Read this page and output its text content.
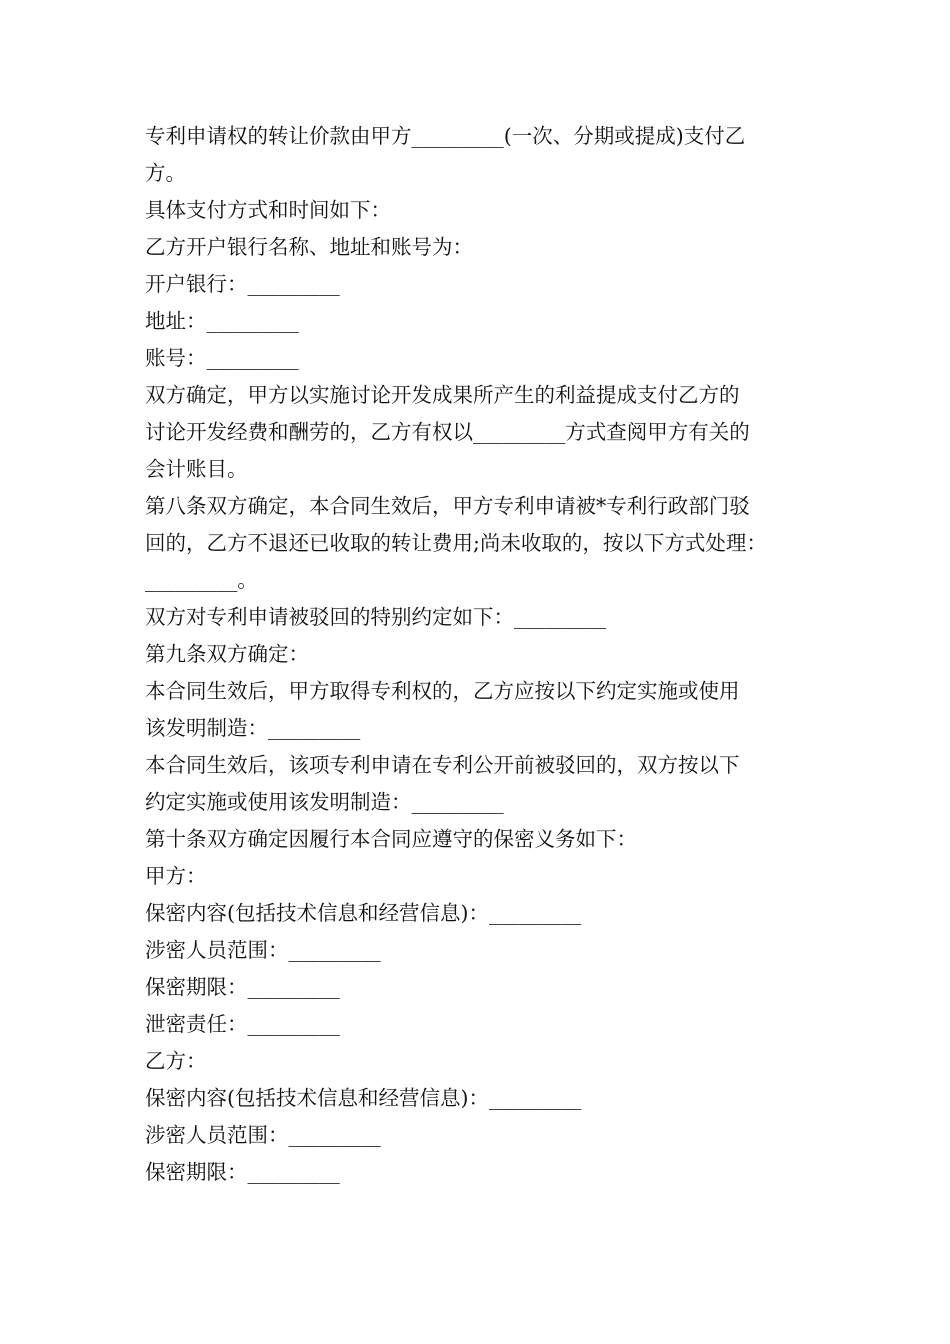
专利申请权的转让价款由甲方_________(一次、分期或提成)支付乙

方。

具体支付方式和时间如下：

乙方开户银行名称、地址和账号为：

开户银行：_________

地址：_________

账号：_________

双方确定，甲方以实施讨论开发成果所产生的利益提成支付乙方的

讨论开发经费和酬劳的，乙方有权以_________方式查阅甲方有关的

会计账目。

第八条双方确定，本合同生效后，甲方专利申请被*专利行政部门驳

回的，乙方不退还已收取的转让费用;尚未收取的，按以下方式处理：

_________。

双方对专利申请被驳回的特别约定如下：_________

第九条双方确定：

本合同生效后，甲方取得专利权的，乙方应按以下约定实施或使用

该发明制造：_________

本合同生效后，该项专利申请在专利公开前被驳回的，双方按以下

约定实施或使用该发明制造：_________

第十条双方确定因履行本合同应遵守的保密义务如下：

甲方：

保密内容(包括技术信息和经营信息)：_________

涉密人员范围：_________

保密期限：_________

泄密责任：_________

乙方：

保密内容(包括技术信息和经营信息)：_________

涉密人员范围：_________

保密期限：_________
